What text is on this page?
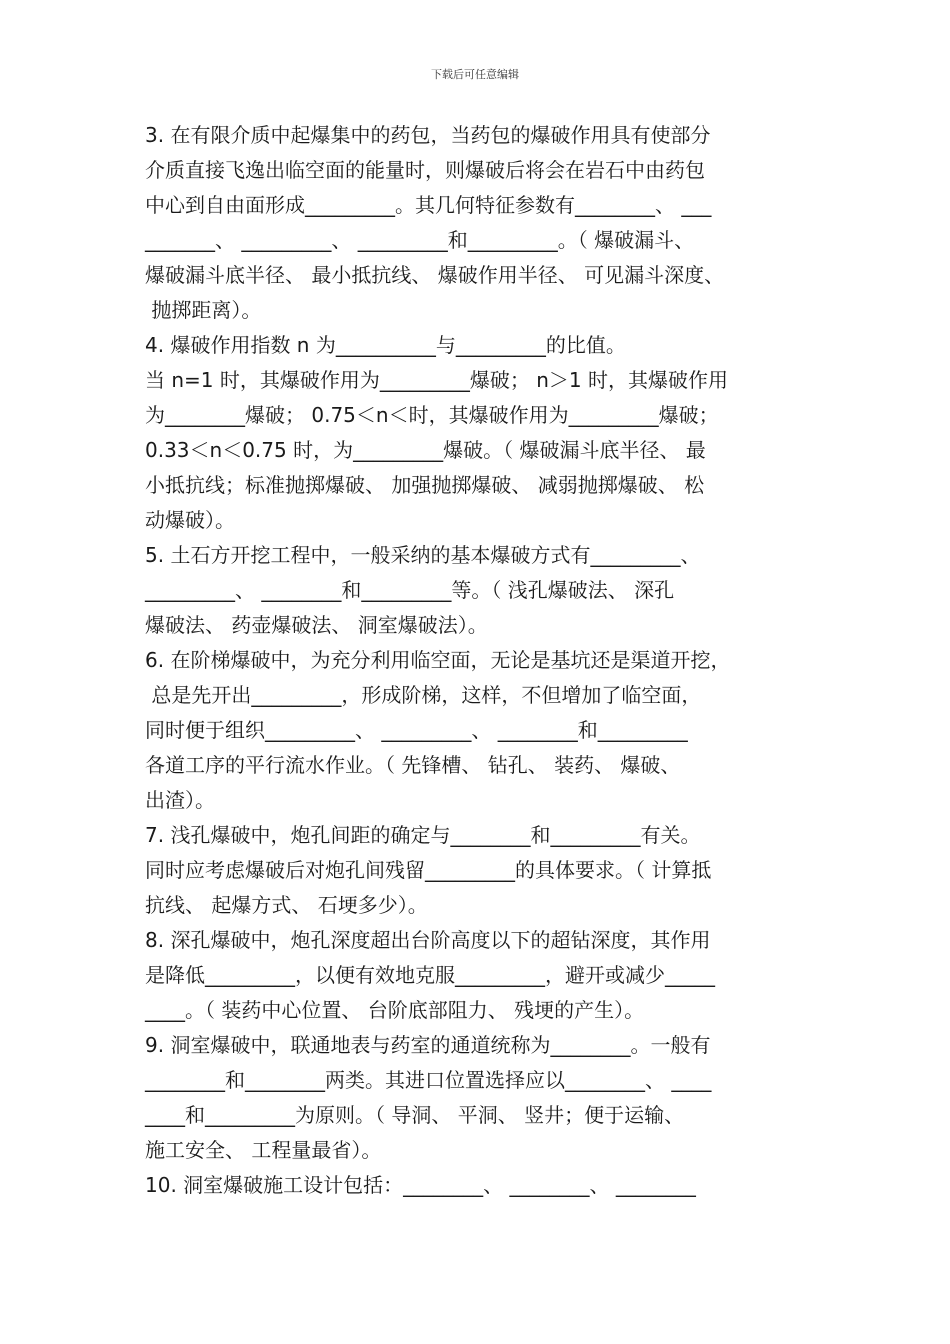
下载后可任意编辑
3. 在有限介质中起爆集中的药包，当药包的爆破作用具有使部分
介质直接飞逸出临空面的能量时，则爆破后将会在岩石中由药包
中心到自由面形成_________。其几何特征参数有________、 ___
_______、 _________、 _________和_________。（ 爆破漏斗、
爆破漏斗底半径、 最小抵抗线、 爆破作用半径、 可见漏斗深度、
抛掷距离）。
4. 爆破作用指数 n 为__________与_________的比值。
当 n=1 时，其爆破作用为_________爆破； n＞1 时，其爆破作用
为________爆破； 0.75＜n＜时，其爆破作用为_________爆破；
0.33＜n＜0.75 时，为_________爆破。（ 爆破漏斗底半径、 最
小抵抗线；标准抛掷爆破、 加强抛掷爆破、 减弱抛掷爆破、 松
动爆破）。
5. 土石方开挖工程中，一般采纳的基本爆破方式有_________、
_________、 ________和_________等。（ 浅孔爆破法、 深孔
爆破法、 药壶爆破法、 洞室爆破法）。
6. 在阶梯爆破中，为充分利用临空面，无论是基坑还是渠道开挖，
总是先开出_________，形成阶梯，这样，不但增加了临空面，
同时便于组织_________、 _________、 ________和_________
各道工序的平行流水作业。（ 先锋槽、 钻孔、 装药、 爆破、
出渣）。
7. 浅孔爆破中，炮孔间距的确定与________和_________有关。
同时应考虑爆破后对炮孔间残留_________的具体要求。（ 计算抵
抗线、 起爆方式、 石埂多少）。
8. 深孔爆破中，炮孔深度超出台阶高度以下的超钻深度，其作用
是降低_________，以便有效地克服_________，避开或减少_____
____。（ 装药中心位置、 台阶底部阻力、 残埂的产生）。
9. 洞室爆破中，联通地表与药室的通道统称为________。一般有
________和________两类。其进口位置选择应以________、 ____
____和_________为原则。（ 导洞、 平洞、 竖井；便于运输、
施工安全、 工程量最省）。
10. 洞室爆破施工设计包括：________、 ________、 ________
